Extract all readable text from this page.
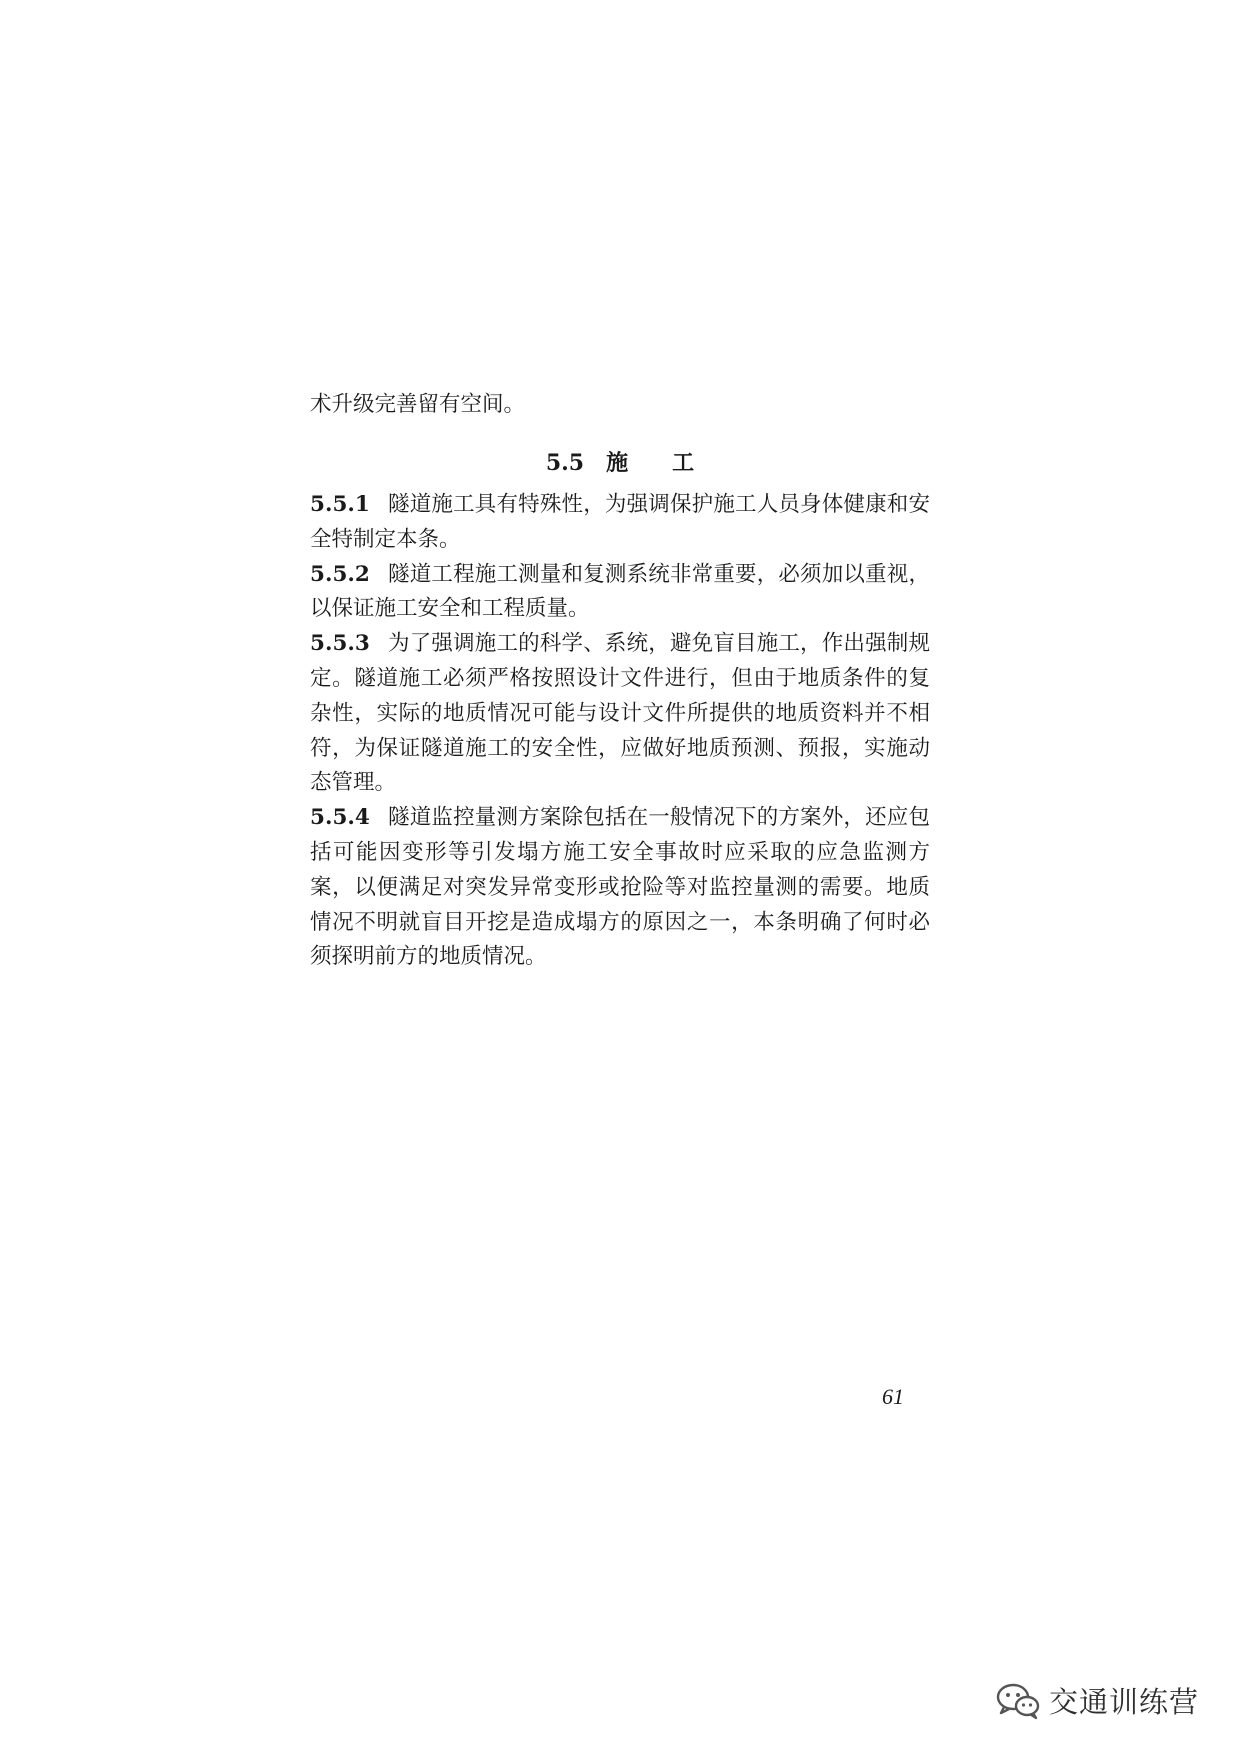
术升级完善留有空间。
5.5 施 工
5.5.1 隧道施工具有特殊性，为强调保护施工人员身体健康和安全特制定本条。
5.5.2 隧道工程施工测量和复测系统非常重要，必须加以重视，以保证施工安全和工程质量。
5.5.3 为了强调施工的科学、系统，避免盲目施工，作出强制规定。隧道施工必须严格按照设计文件进行，但由于地质条件的复杂性，实际的地质情况可能与设计文件所提供的地质资料并不相符，为保证隧道施工的安全性，应做好地质预测、预报，实施动态管理。
5.5.4 隧道监控量测方案除包括在一般情况下的方案外，还应包括可能因变形等引发塌方施工安全事故时应采取的应急监测方案，以便满足对突发异常变形或抢险等对监控量测的需要。地质情况不明就盲目开挖是造成塌方的原因之一，本条明确了何时必须探明前方的地质情况。
61
交通训练营
